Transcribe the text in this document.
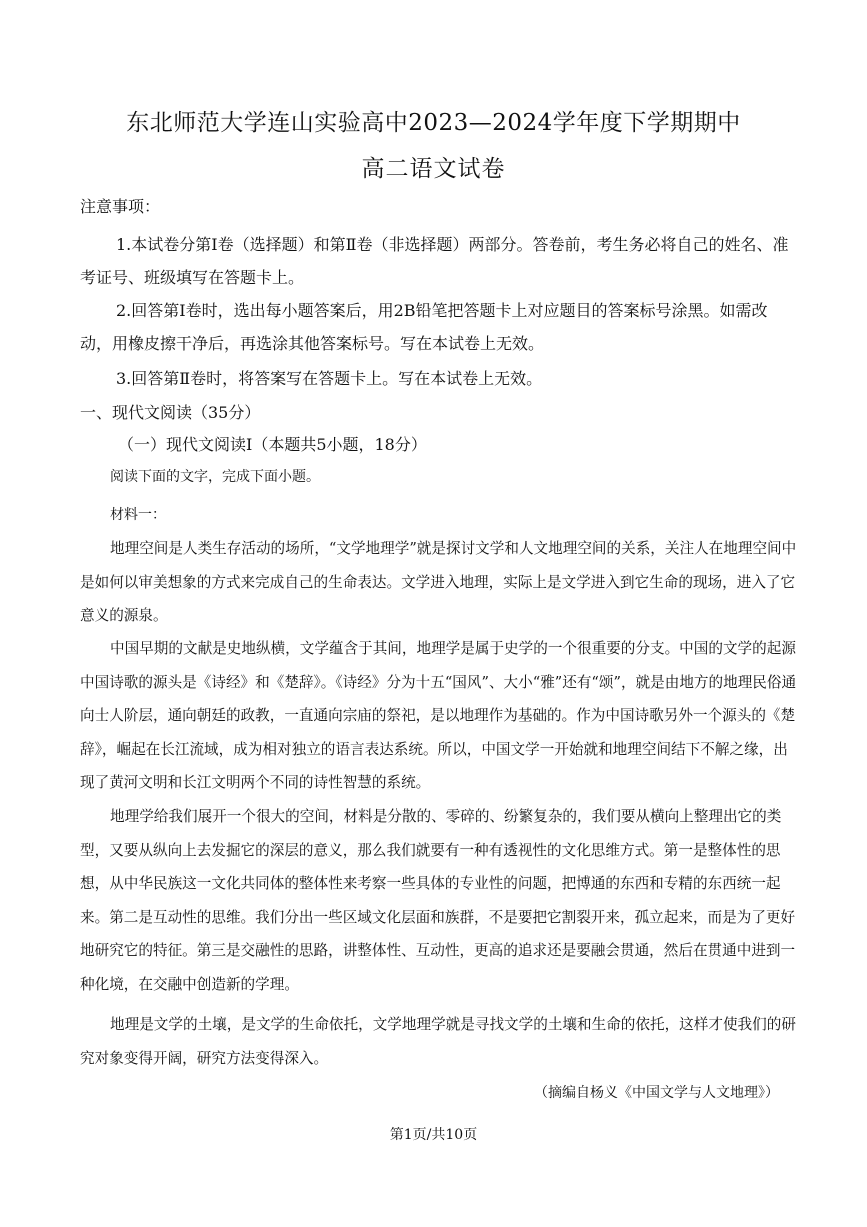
东北师范大学连山实验高中2023—2024学年度下学期期中
高二语文试卷
注意事项：

1.本试卷分第Ⅰ卷（选择题）和第Ⅱ卷（非选择题）两部分。答卷前，考生务必将自己的姓名、准考证号、班级填写在答题卡上。

2.回答第Ⅰ卷时，选出每小题答案后，用2B铅笔把答题卡上对应题目的答案标号涂黑。如需改动，用橡皮擦干净后，再选涂其他答案标号。写在本试卷上无效。

3.回答第Ⅱ卷时，将答案写在答题卡上。写在本试卷上无效。

一、现代文阅读（35分）
（一）现代文阅读Ⅰ（本题共5小题，18分）
阅读下面的文字，完成下面小题。
材料一：

地理空间是人类生存活动的场所，“文学地理学”就是探讨文学和人文地理空间的关系，关注人在地理空间中是如何以审美想象的方式来完成自己的生命表达。文学进入地理，实际上是文学进入到它生命的现场，进入了它意义的源泉。

中国早期的文献是史地纵横，文学蕴含于其间，地理学是属于史学的一个很重要的分支。中国的文学的起源中国诗歌的源头是《诗经》和《楚辞》。《诗经》分为十五“国风”、大小“雅”还有“颂”，就是由地方的地理民俗通向士人阶层，通向朝廷的政教，一直通向宗庙的祭祀，是以地理作为基础的。作为中国诗歌另外一个源头的《楚辞》，崛起在长江流域，成为相对独立的语言表达系统。所以，中国文学一开始就和地理空间结下不解之缘，出现了黄河文明和长江文明两个不同的诗性智慧的系统。

地理学给我们展开一个很大的空间，材料是分散的、零碎的、纷繁复杂的，我们要从横向上整理出它的类型，又要从纵向上去发掘它的深层的意义，那么我们就要有一种有透视性的文化思维方式。第一是整体性的思想，从中华民族这一文化共同体的整体性来考察一些具体的专业性的问题，把博通的东西和专精的东西统一起来。第二是互动性的思维。我们分出一些区域文化层面和族群，不是要把它割裂开来，孤立起来，而是为了更好地研究它的特征。第三是交融性的思路，讲整体性、互动性，更高的追求还是要融会贯通，然后在贯通中进到一种化境，在交融中创造新的学理。

地理是文学的土壤，是文学的生命依托，文学地理学就是寻找文学的土壤和生命的依托，这样才使我们的研究对象变得开阔，研究方法变得深入。

（摘编自杨义《中国文学与人文地理》）
第1页/共10页
